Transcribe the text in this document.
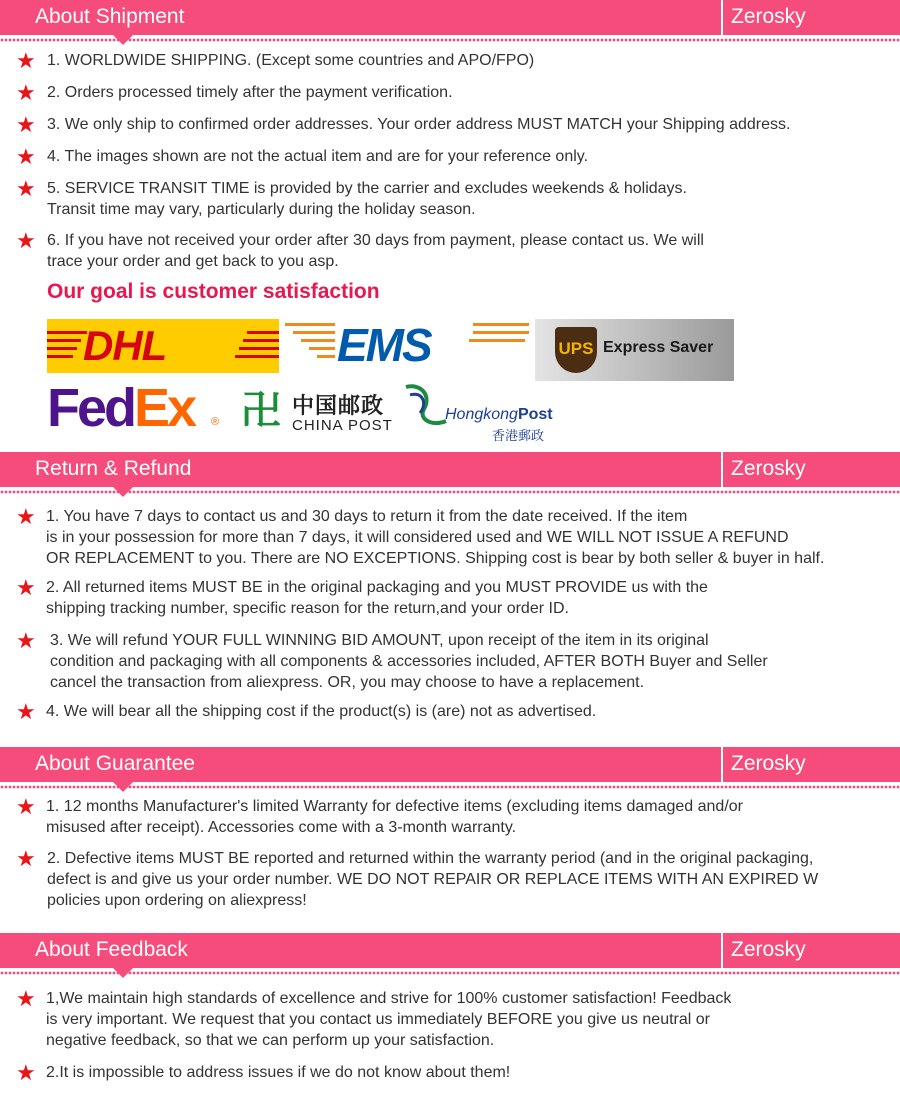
About Shipment	Zerosky
★ 1. WORLDWIDE SHIPPING. (Except some countries and APO/FPO)
★ 2. Orders processed timely after the payment verification.
★ 3. We only ship to confirmed order addresses. Your order address MUST MATCH your Shipping address.
★ 4. The images shown are not the actual item and are for your reference only.
★ 5. SERVICE TRANSIT TIME is provided by the carrier and excludes weekends & holidays.
Transit time may vary, particularly during the holiday season.
★ 6. If you have not received your order after 30 days from payment, please contact us. We will
trace your order and get back to you asp.
Our goal is customer satisfaction
DHL	EMS	UPS Express Saver
FedEx	® 卍 中国邮政
CHINA POST
HongkongPost
香港郵政
Return & Refund	Zerosky
★ 1. You have 7 days to contact us and 30 days to return it from the date received. If the item
is in your possession for more than 7 days, it will considered used and WE WILL NOT ISSUE A REFUND
OR REPLACEMENT to you. There are NO EXCEPTIONS. Shipping cost is bear by both seller & buyer in half.
★ 2. All returned items MUST BE in the original packaging and you MUST PROVIDE us with the
shipping tracking number, specific reason for the return,and your order ID.
★ 3. We will refund YOUR FULL WINNING BID AMOUNT, upon receipt of the item in its original
condition and packaging with all components & accessories included, AFTER BOTH Buyer and Seller
cancel the transaction from aliexpress. OR, you may choose to have a replacement.
★ 4. We will bear all the shipping cost if the product(s) is (are) not as advertised.
About Guarantee	Zerosky
★ 1. 12 months Manufacturer's limited Warranty for defective items (excluding items damaged and/or
misused after receipt). Accessories come with a 3-month warranty.
★ 2. Defective items MUST BE reported and returned within the warranty period (and in the original packaging,
defect is and give us your order number. WE DO NOT REPAIR OR REPLACE ITEMS WITH AN EXPIRED W
policies upon ordering on aliexpress!
About Feedback	Zerosky
★ 1,We maintain high standards of excellence and strive for 100% customer satisfaction! Feedback
is very important. We request that you contact us immediately BEFORE you give us neutral or
negative feedback, so that we can perform up your satisfaction.
★ 2.It is impossible to address issues if we do not know about them!
